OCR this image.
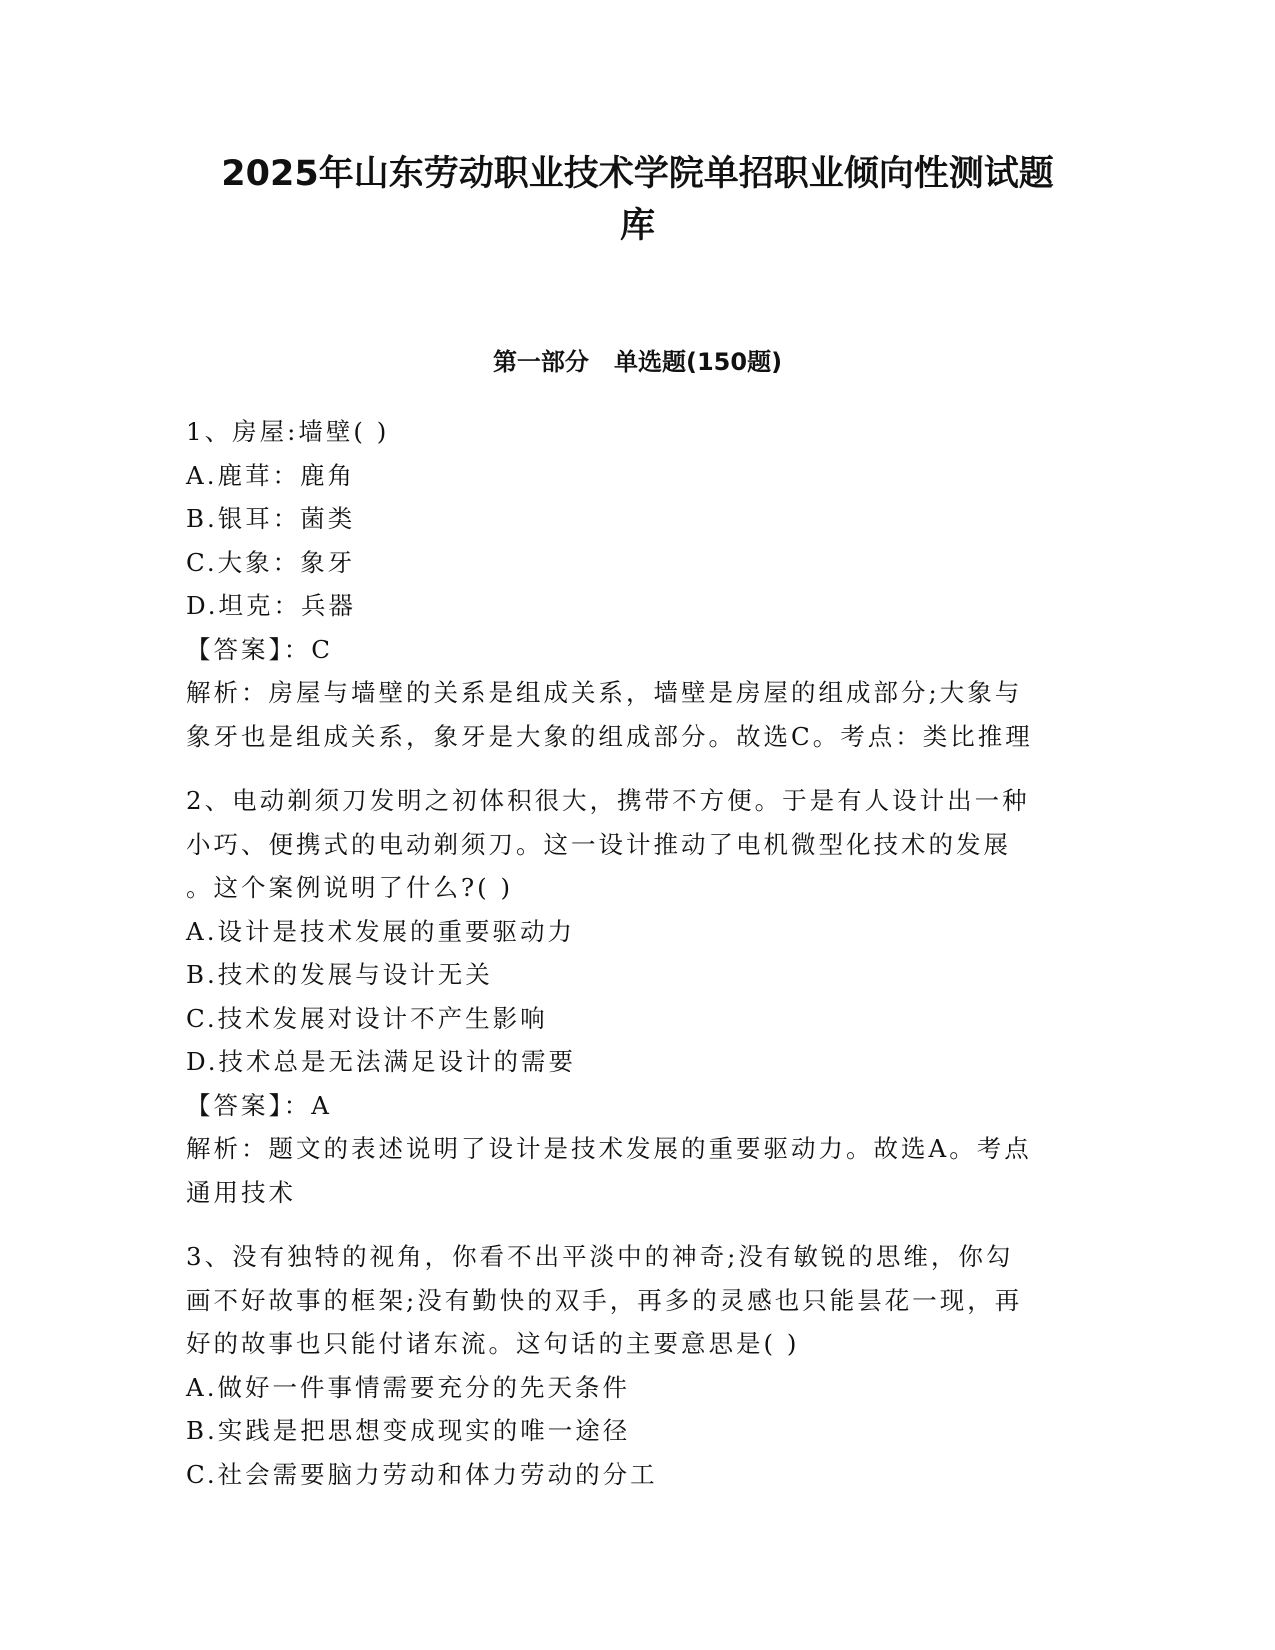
2025年山东劳动职业技术学院单招职业倾向性测试题
库
第一部分   单选题(150题)

1、房屋:墙壁( )

A.鹿茸：鹿角

B.银耳：菌类

C.大象：象牙

D.坦克：兵器

【答案】：C

解析：房屋与墙壁的关系是组成关系，墙壁是房屋的组成部分;大象与

象牙也是组成关系，象牙是大象的组成部分。故选C。考点：类比推理

2、电动剃须刀发明之初体积很大，携带不方便。于是有人设计出一种

小巧、便携式的电动剃须刀。这一设计推动了电机微型化技术的发展

。这个案例说明了什么?( )

A.设计是技术发展的重要驱动力

B.技术的发展与设计无关

C.技术发展对设计不产生影响

D.技术总是无法满足设计的需要

【答案】：A

解析：题文的表述说明了设计是技术发展的重要驱动力。故选A。考点

通用技术

3、没有独特的视角，你看不出平淡中的神奇;没有敏锐的思维，你勾

画不好故事的框架;没有勤快的双手，再多的灵感也只能昙花一现，再

好的故事也只能付诸东流。这句话的主要意思是( )

A.做好一件事情需要充分的先天条件

B.实践是把思想变成现实的唯一途径

C.社会需要脑力劳动和体力劳动的分工
